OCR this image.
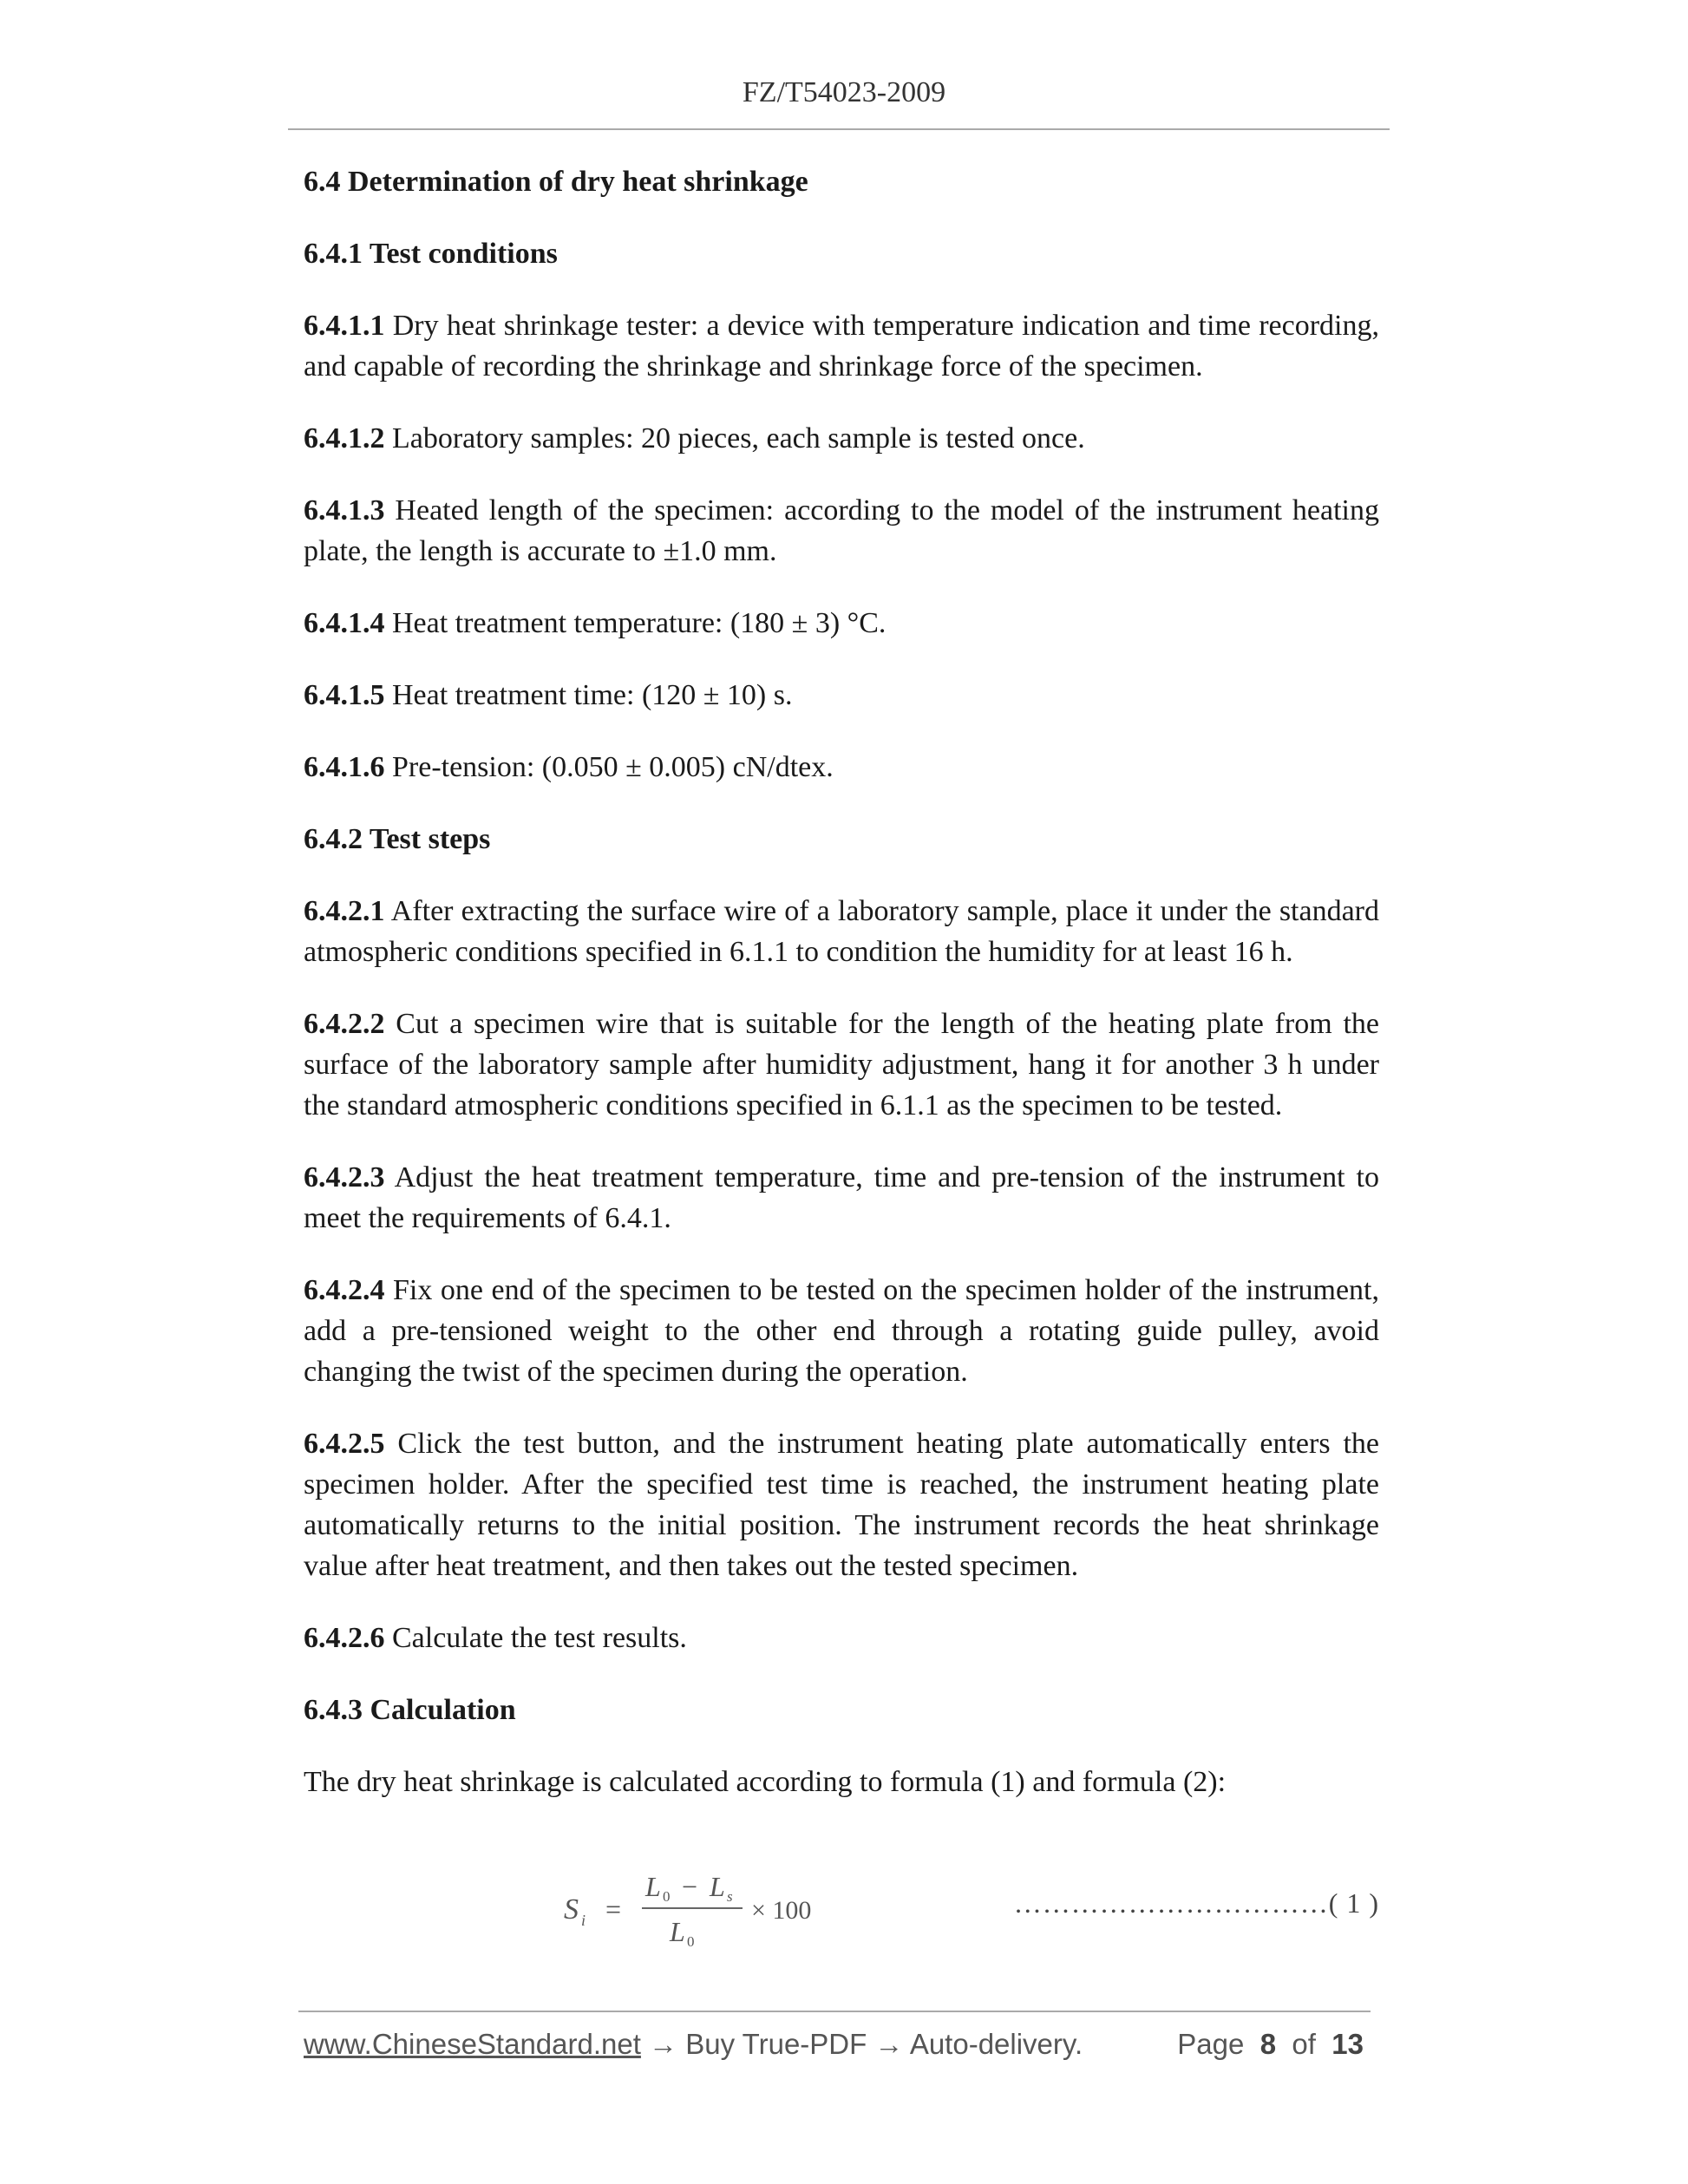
FZ/T54023-2009

6.4 Determination of dry heat shrinkage

6.4.1 Test conditions

6.4.1.1 Dry heat shrinkage tester: a device with temperature indication and time recording, and capable of recording the shrinkage and shrinkage force of the specimen.

6.4.1.2 Laboratory samples: 20 pieces, each sample is tested once.

6.4.1.3 Heated length of the specimen: according to the model of the instrument heating plate, the length is accurate to ±1.0 mm.

6.4.1.4 Heat treatment temperature: (180 ± 3) °C.

6.4.1.5 Heat treatment time: (120 ± 10) s.

6.4.1.6 Pre-tension: (0.050 ± 0.005) cN/dtex.

6.4.2 Test steps

6.4.2.1 After extracting the surface wire of a laboratory sample, place it under the standard atmospheric conditions specified in 6.1.1 to condition the humidity for at least 16 h.

6.4.2.2 Cut a specimen wire that is suitable for the length of the heating plate from the surface of the laboratory sample after humidity adjustment, hang it for another 3 h under the standard atmospheric conditions specified in 6.1.1 as the specimen to be tested.

6.4.2.3 Adjust the heat treatment temperature, time and pre-tension of the instrument to meet the requirements of 6.4.1.

6.4.2.4 Fix one end of the specimen to be tested on the specimen holder of the instrument, add a pre-tensioned weight to the other end through a rotating guide pulley, avoid changing the twist of the specimen during the operation.

6.4.2.5 Click the test button, and the instrument heating plate automatically enters the specimen holder. After the specified test time is reached, the instrument heating plate automatically returns to the initial position. The instrument records the heat shrinkage value after heat treatment, and then takes out the tested specimen.

6.4.2.6 Calculate the test results.

6.4.3 Calculation

The dry heat shrinkage is calculated according to formula (1) and formula (2):

S i =
L 0 − L s
L 0
× 100	……………………………( 1 )
www.ChineseStandard.net → Buy True-PDF → Auto-delivery.	Page 8 of 13
